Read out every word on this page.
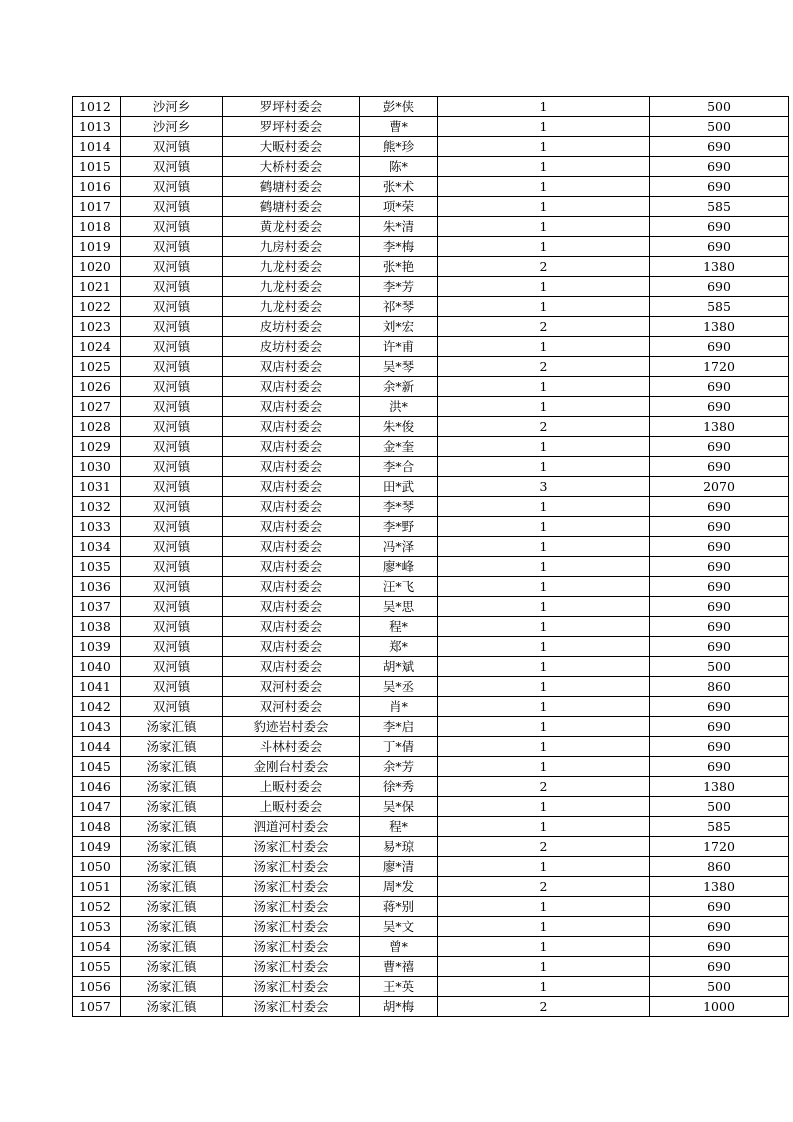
1012	沙河乡	罗坪村委会	彭*侠	1	500
1013	沙河乡	罗坪村委会	曹*	1	500
1014	双河镇	大畈村委会	熊*珍	1	690
1015	双河镇	大桥村委会	陈*	1	690
1016	双河镇	鹤塘村委会	张*术	1	690
1017	双河镇	鹤塘村委会	项*荣	1	585
1018	双河镇	黄龙村委会	朱*清	1	690
1019	双河镇	九房村委会	李*梅	1	690
1020	双河镇	九龙村委会	张*艳	2	1380
1021	双河镇	九龙村委会	李*芳	1	690
1022	双河镇	九龙村委会	祁*琴	1	585
1023	双河镇	皮坊村委会	刘*宏	2	1380
1024	双河镇	皮坊村委会	许*甫	1	690
1025	双河镇	双店村委会	吴*琴	2	1720
1026	双河镇	双店村委会	余*新	1	690
1027	双河镇	双店村委会	洪*	1	690
1028	双河镇	双店村委会	朱*俊	2	1380
1029	双河镇	双店村委会	金*奎	1	690
1030	双河镇	双店村委会	李*合	1	690
1031	双河镇	双店村委会	田*武	3	2070
1032	双河镇	双店村委会	李*琴	1	690
1033	双河镇	双店村委会	李*野	1	690
1034	双河镇	双店村委会	冯*泽	1	690
1035	双河镇	双店村委会	廖*峰	1	690
1036	双河镇	双店村委会	汪*飞	1	690
1037	双河镇	双店村委会	吴*思	1	690
1038	双河镇	双店村委会	程*	1	690
1039	双河镇	双店村委会	郑*	1	690
1040	双河镇	双店村委会	胡*斌	1	500
1041	双河镇	双河村委会	吴*丞	1	860
1042	双河镇	双河村委会	肖*	1	690
1043	汤家汇镇	豹迹岩村委会	李*启	1	690
1044	汤家汇镇	斗林村委会	丁*倩	1	690
1045	汤家汇镇	金刚台村委会	余*芳	1	690
1046	汤家汇镇	上畈村委会	徐*秀	2	1380
1047	汤家汇镇	上畈村委会	吴*保	1	500
1048	汤家汇镇	泗道河村委会	程*	1	585
1049	汤家汇镇	汤家汇村委会	易*琼	2	1720
1050	汤家汇镇	汤家汇村委会	廖*清	1	860
1051	汤家汇镇	汤家汇村委会	周*发	2	1380
1052	汤家汇镇	汤家汇村委会	蒋*别	1	690
1053	汤家汇镇	汤家汇村委会	吴*文	1	690
1054	汤家汇镇	汤家汇村委会	曾*	1	690
1055	汤家汇镇	汤家汇村委会	曹*禧	1	690
1056	汤家汇镇	汤家汇村委会	王*英	1	500
1057	汤家汇镇	汤家汇村委会	胡*梅	2	1000
